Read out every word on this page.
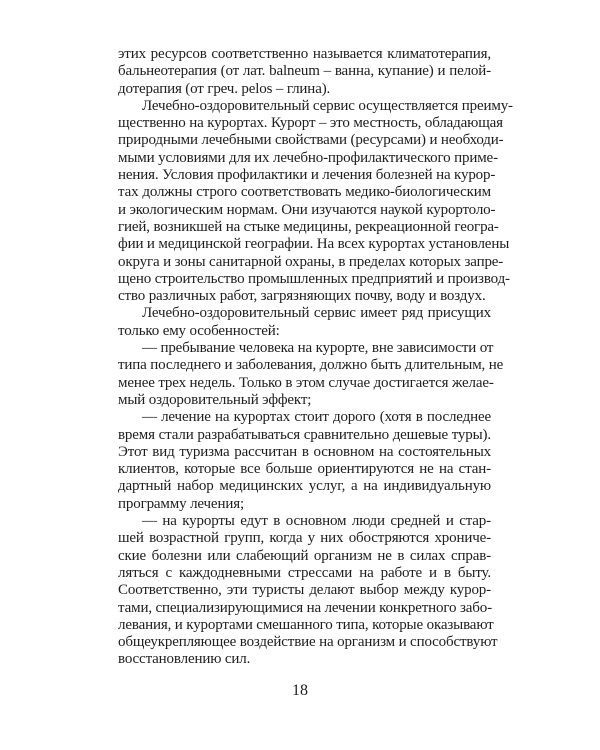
этих ресурсов соответственно называется климатотерапия,
бальнеотерапия (от лат. balneum – ванна, купание) и пелой-
дотерапия (от греч. pelos – глина).
Лечебно-оздоровительный сервис осуществляется преиму-
щественно на курортах. Курорт – это местность, обладающая
природными лечебными свойствами (ресурсами) и необходи-
мыми условиями для их лечебно-профилактического приме-
нения. Условия профилактики и лечения болезней на курор-
тах должны строго соответствовать медико-биологическим
и экологическим нормам. Они изучаются наукой курортоло-
гией, возникшей на стыке медицины, рекреационной геогра-
фии и медицинской географии. На всех курортах установлены
округа и зоны санитарной охраны, в пределах которых запре-
щено строительство промышленных предприятий и производ-
ство различных работ, загрязняющих почву, воду и воздух.
Лечебно-оздоровительный сервис имеет ряд присущих
только ему особенностей:
— пребывание человека на курорте, вне зависимости от
типа последнего и заболевания, должно быть длительным, не
менее трех недель. Только в этом случае достигается желае-
мый оздоровительный эффект;
— лечение на курортах стоит дорого (хотя в последнее
время стали разрабатываться сравнительно дешевые туры).
Этот вид туризма рассчитан в основном на состоятельных
клиентов, которые все больше ориентируются не на стан-
дартный набор медицинских услуг, а на индивидуальную
программу лечения;
— на курорты едут в основном люди средней и стар-
шей возрастной групп, когда у них обостряются хрониче-
ские болезни или слабеющий организм не в силах справ-
ляться с каждодневными стрессами на работе и в быту.
Соответственно, эти туристы делают выбор между курор-
тами, специализирующимися на лечении конкретного забо-
левания, и курортами смешанного типа, которые оказывают
общеукрепляющее воздействие на организм и способствуют
восстановлению сил.
18
